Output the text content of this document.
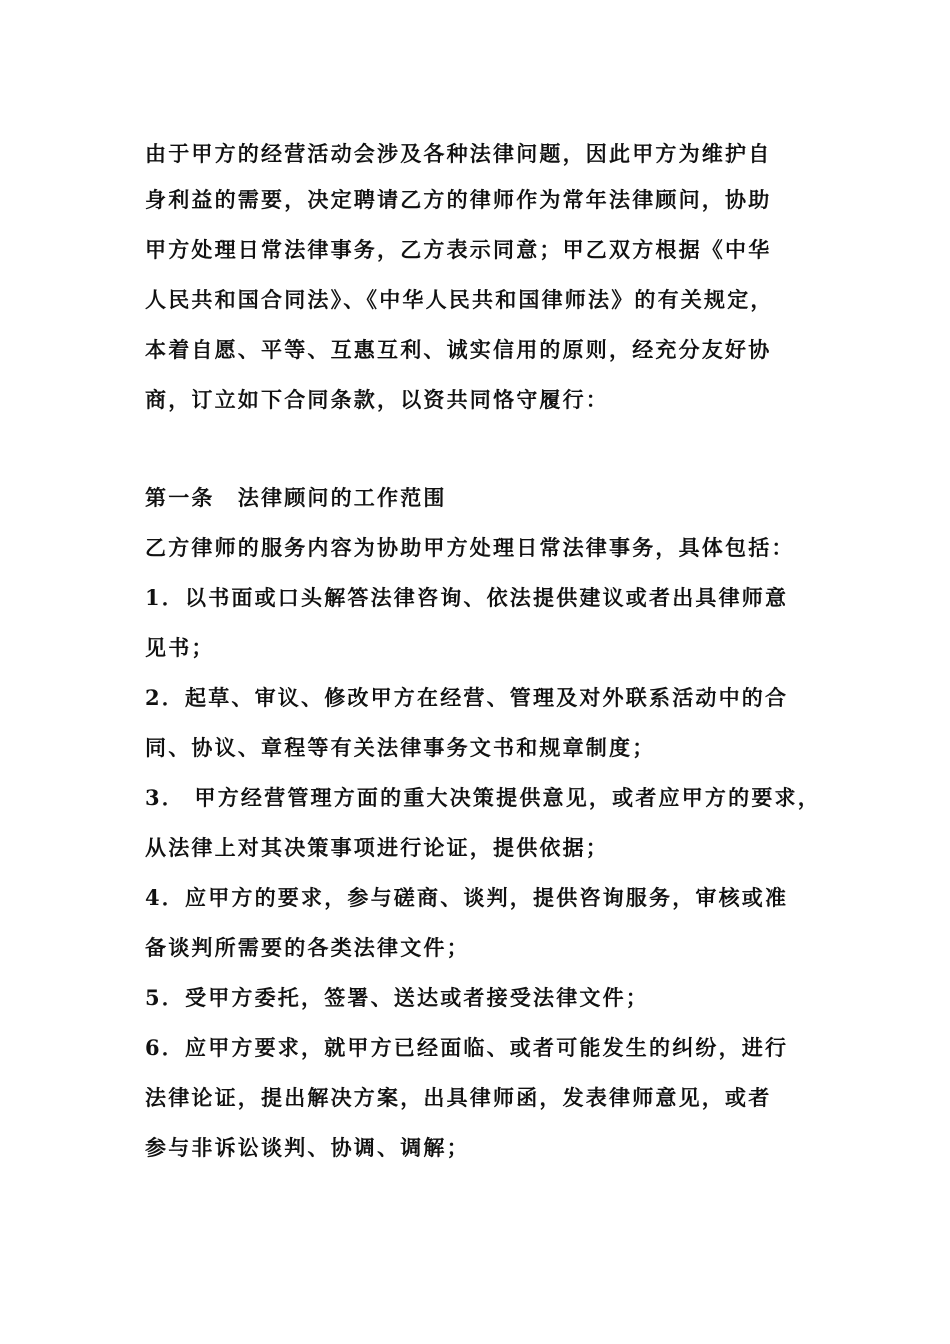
由于甲方的经营活动会涉及各种法律问题，因此甲方为维护自
身利益的需要，决定聘请乙方的律师作为常年法律顾问，协助
甲方处理日常法律事务，乙方表示同意；甲乙双方根据《中华
人民共和国合同法》、《中华人民共和国律师法》的有关规定，
本着自愿、平等、互惠互利、诚实信用的原则，经充分友好协
商，订立如下合同条款，以资共同恪守履行：
第一条　法律顾问的工作范围
乙方律师的服务内容为协助甲方处理日常法律事务，具体包括：
1．以书面或口头解答法律咨询、依法提供建议或者出具律师意
见书；
2．起草、审议、修改甲方在经营、管理及对外联系活动中的合
同、协议、章程等有关法律事务文书和规章制度；
3． 甲方经营管理方面的重大决策提供意见，或者应甲方的要求，
从法律上对其决策事项进行论证，提供依据；
4．应甲方的要求，参与磋商、谈判，提供咨询服务，审核或准
备谈判所需要的各类法律文件；
5．受甲方委托，签署、送达或者接受法律文件；
6．应甲方要求，就甲方已经面临、或者可能发生的纠纷，进行
法律论证，提出解决方案，出具律师函，发表律师意见，或者
参与非诉讼谈判、协调、调解；
